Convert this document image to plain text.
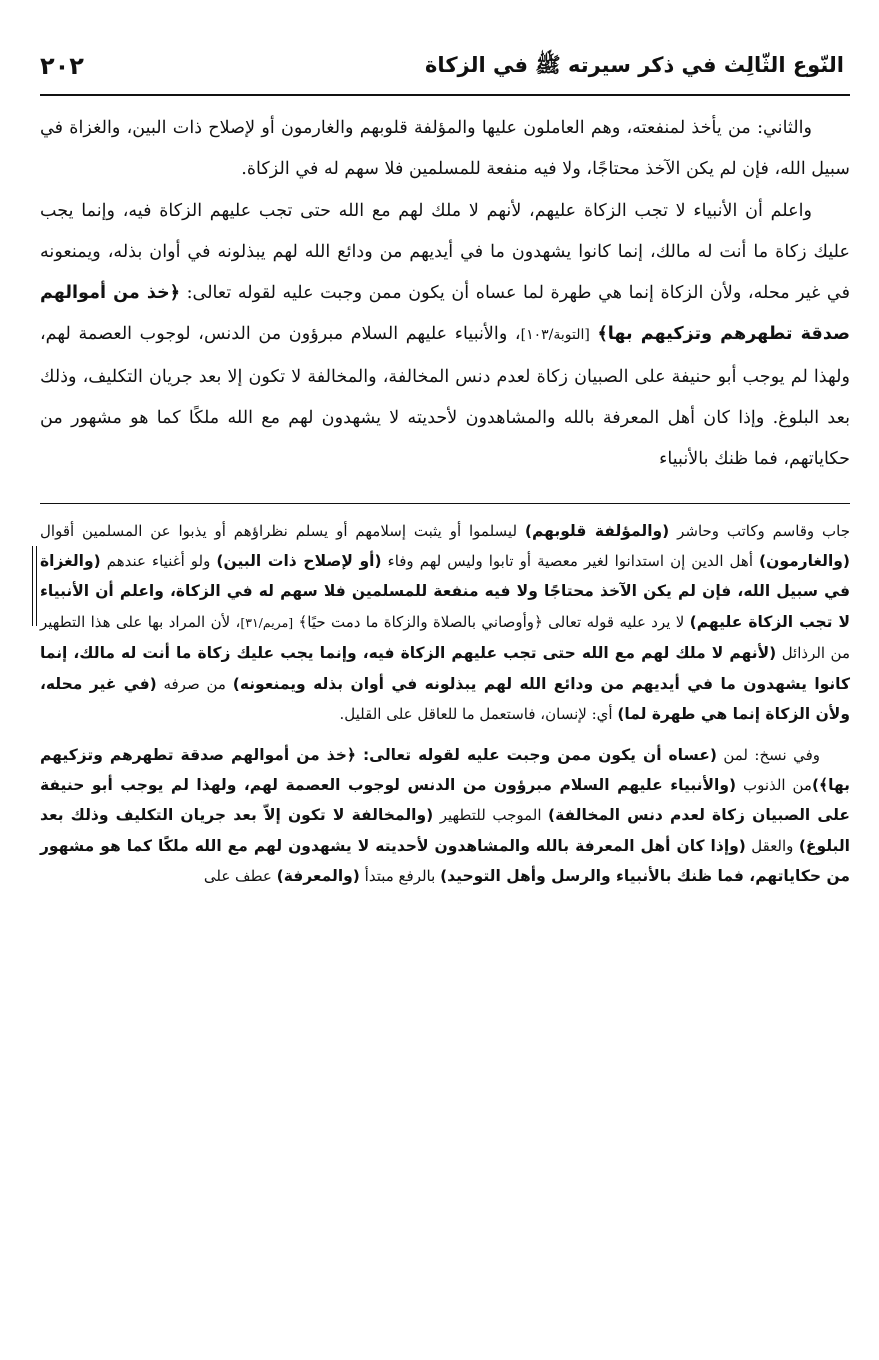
٢٠٢	النّوع الثّالِث في ذكر سيرته ﷺ في الزكاة

والثاني: من يأخذ لمنفعته، وهم العاملون عليها والمؤلفة قلوبهم والغارمون أو لإصلاح ذات البين، والغزاة في سبيل الله، فإن لم يكن الآخذ محتاجًا، ولا فيه منفعة للمسلمين فلا سهم له في الزكاة.

واعلم أن الأنبياء لا تجب الزكاة عليهم، لأنهم لا ملك لهم مع الله حتى تجب عليهم الزكاة فيه، وإنما يجب عليك زكاة ما أنت له مالك، إنما كانوا يشهدون ما في أيديهم من ودائع الله لهم يبذلونه في أوان بذله، ويمنعونه في غير محله، ولأن الزكاة إنما هي طهرة لما عساه أن يكون ممن وجبت عليه لقوله تعالى: ﴿خذ من أموالهم صدقة تطهرهم وتزكيهم بها﴾ [التوبة/١٠٣]، والأنبياء عليهم السلام مبرؤون من الدنس، لوجوب العصمة لهم، ولهذا لم يوجب أبو حنيفة على الصبيان زكاة لعدم دنس المخالفة، والمخالفة لا تكون إلا بعد جريان التكليف، وذلك بعد البلوغ. وإذا كان أهل المعرفة بالله والمشاهدون لأحديته لا يشهدون لهم مع الله ملكًا كما هو مشهور من حكاياتهم، فما ظنك بالأنبياء

جاب وقاسم وكاتب وحاشر (والمؤلفة قلوبهم) ليسلموا أو يثبت إسلامهم أو يسلم نظراؤهم أو يذبوا عن المسلمين أقوال (والغارمون) أهل الدين إن استدانوا لغير معصية أو تابوا وليس لهم وفاء (أو لإصلاح ذات البين) ولو أغنياء عندهم (والغزاة في سبيل الله، فإن لم يكن الآخذ محتاجًا ولا فيه منفعة للمسلمين فلا سهم له في الزكاة، واعلم أن الأنبياء لا تجب الزكاة عليهم) لا يرد عليه قوله تعالى ﴿وأوصاني بالصلاة والزكاة ما دمت حيًا﴾ [مريم/٣١]، لأن المراد بها على هذا التطهير من الرذائل (لأنهم لا ملك لهم مع الله حتى تجب عليهم الزكاة فيه، وإنما يجب عليك زكاة ما أنت له مالك، إنما كانوا يشهدون ما في أيديهم من ودائع الله لهم يبذلونه في أوان بذله ويمنعونه) من صرفه (في غير محله، ولأن الزكاة إنما هي طهرة لما) أي: لإنسان، فاستعمل ما للعاقل على القليل.

وفي نسخ: لمن (عساه أن يكون ممن وجبت عليه لقوله تعالى: ﴿خذ من أموالهم صدقة تطهرهم وتزكيهم بها﴾)من الذنوب (والأنبياء عليهم السلام مبرؤون من الدنس لوجوب العصمة لهم، ولهذا لم يوجب أبو حنيفة على الصبيان زكاة لعدم دنس المخالفة) الموجب للتطهير (والمخالفة لا تكون إلاّ بعد جريان التكليف وذلك بعد البلوغ) والعقل (وإذا كان أهل المعرفة بالله والمشاهدون لأحديته لا يشهدون لهم مع الله ملكًا كما هو مشهور من حكاياتهم، فما ظنك بالأنبياء والرسل وأهل التوحيد) بالرفع مبتدأ (والمعرفة) عطف على
